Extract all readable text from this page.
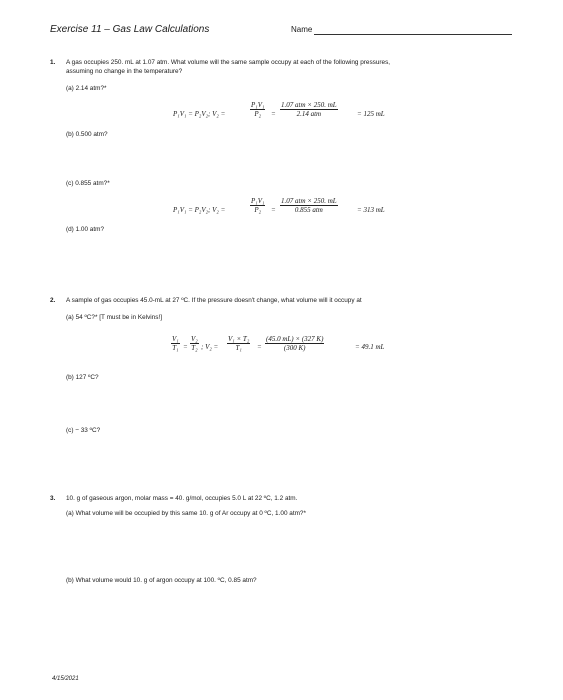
Exercise 11 – Gas Law Calculations	Name
1. A gas occupies 250. mL at 1.07 atm. What volume will the same sample occupy at each of the following pressures,
assuming no change in the temperature?
(a) 2.14 atm?*
P₁V₁ = P₂V₂; V₂ =	$\frac{\text{P₁V₁}}{\text{P₂}}$ =
1.07 atm × 250. mL
2.14 atm	= 125 mL
(b) 0.500 atm?
(c) 0.855 atm?*
P₁V₁ = P₂V₂; V₂ =	$\frac{\text{P₁V₁}}{\text{P₂}}$ =
1.07 atm × 250. mL
0.855 atm	= 313 mL
(d) 1.00 atm?
2. A sample of gas occupies 45.0-mL at 27 ºC. If the pressure doesn't change, what volume will it occupy at
(a) 54 ºC?* [T must be in Kelvins!]
$\frac{\text{V₁}}{\text{T₁}} = \frac{\text{V₂}}{\text{T₂}}$ ; $V_2 = \frac{\text{V₁ × T₂}}{\text{T₁}} = \frac{(45.0 mL) \times (327 K)}{(300 K)}$	= 49.1 mL
(b) 127 ºC?
(c) − 33 ºC?
3. 10. g of gaseous argon, molar mass = 40. g/mol, occupies 5.0 L at 22 ºC, 1.2 atm.
(a) What volume will be occupied by this same 10. g of Ar occupy at 0 ºC, 1.00 atm?*
(b) What volume would 10. g of argon occupy at 100. ºC, 0.85 atm?
4/15/2021
